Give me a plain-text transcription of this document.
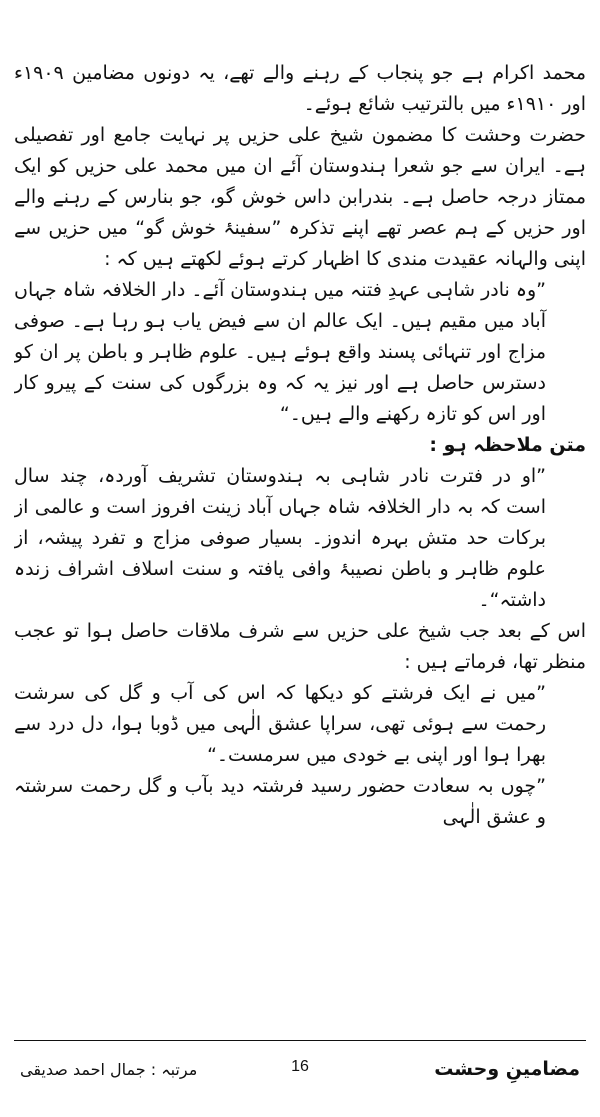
محمد اکرام ہے جو پنجاب کے رہنے والے تھے، یہ دونوں مضامین ۱۹۰۹ء اور ۱۹۱۰ء میں بالترتیب شائع ہوئے۔

حضرت وحشت کا مضمون شیخ علی حزیں پر نہایت جامع اور تفصیلی ہے۔ ایران سے جو شعرا ہندوستان آئے ان میں محمد علی حزیں کو ایک ممتاز درجہ حاصل ہے۔ بندرابن داس خوش گو، جو بنارس کے رہنے والے اور حزیں کے ہم عصر تھے اپنے تذکرہ ”سفینۂ خوش گو“ میں حزیں سے اپنی والہانہ عقیدت مندی کا اظہار کرتے ہوئے لکھتے ہیں کہ :

”وہ نادر شاہی عہدِ فتنہ میں ہندوستان آئے۔ دار الخلافہ شاہ جہاں آباد میں مقیم ہیں۔ ایک عالم ان سے فیض یاب ہو رہا ہے۔ صوفی مزاج اور تنہائی پسند واقع ہوئے ہیں۔ علوم ظاہر و باطن پر ان کو دسترس حاصل ہے اور نیز یہ کہ وہ بزرگوں کی سنت کے پیرو کار اور اس کو تازہ رکھنے والے ہیں۔“

متن ملاحظہ ہو :

”او در فترت نادر شاہی بہ ہندوستان تشریف آوردہ، چند سال است کہ بہ دار الخلافہ شاہ جہاں آباد زینت افروز است و عالمی از برکات حد متش بہرہ اندوز۔ بسیار صوفی مزاج و تفرد پیشہ، از علوم ظاہر و باطن نصیبۂ وافی یافتہ و سنت اسلاف اشراف زندہ داشتہ“۔

اس کے بعد جب شیخ علی حزیں سے شرف ملاقات حاصل ہوا تو عجب منظر تھا، فرماتے ہیں :

”میں نے ایک فرشتے کو دیکھا کہ اس کی آب و گل کی سرشت رحمت سے ہوئی تھی، سراپا عشق الٰہی میں ڈوبا ہوا، دل درد سے بھرا ہوا اور اپنی بے خودی میں سرمست۔“

”چوں بہ سعادت حضور رسید فرشتہ دید بآب و گل رحمت سرشتہ و عشق الٰہی

مضامینِ وحشت
16
مرتبہ : جمال احمد صدیقی
